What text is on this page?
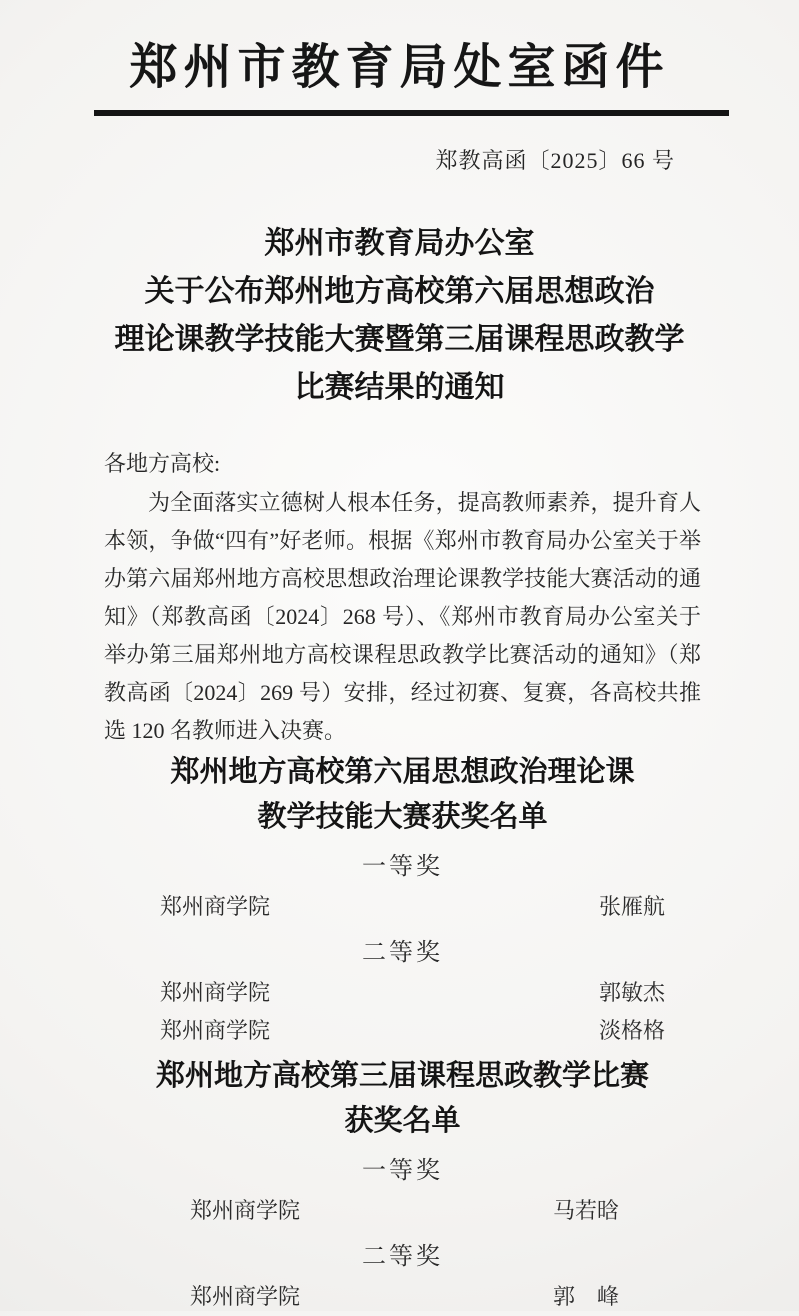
郑州市教育局处室函件
郑教高函〔2025〕66 号
郑州市教育局办公室
关于公布郑州地方高校第六届思想政治
理论课教学技能大赛暨第三届课程思政教学
比赛结果的通知
各地方高校:
为全面落实立德树人根本任务，提高教师素养，提升育人本领，争做“四有”好老师。根据《郑州市教育局办公室关于举办第六届郑州地方高校思想政治理论课教学技能大赛活动的通知》（郑教高函〔2024〕268 号）、《郑州市教育局办公室关于举办第三届郑州地方高校课程思政教学比赛活动的通知》（郑教高函〔2024〕269 号）安排，经过初赛、复赛，各高校共推选 120 名教师进入决赛。
郑州地方高校第六届思想政治理论课
教学技能大赛获奖名单
一等奖
郑州商学院	张雁航
二等奖
郑州商学院	郭敏杰
郑州商学院	淡格格
郑州地方高校第三届课程思政教学比赛
获奖名单
一等奖
郑州商学院	马若晗
二等奖
郑州商学院	郭　峰
